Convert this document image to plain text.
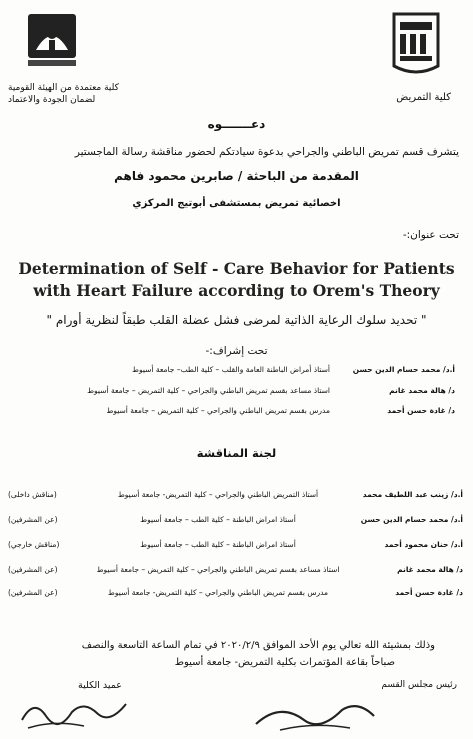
كلية معتمدة من الهيئة القومية لضمان الجودة والاعتماد	كلية التمريض
دعـــــــوه
يتشرف قسم تمريض الباطني والجراحي بدعوة سيادتكم لحضور مناقشة رسالة الماجستير
المقدمة من الباحثة / صابرين محمود فاهم
اخصائية تمريض بمستشفى أبوتيج المركزي
تحت عنوان:-
Determination of Self - Care Behavior for Patients
with Heart Failure according to Orem's Theory
" تحديد سلوك الرعاية الذاتية لمرضى فشل عضلة القلب طبقاً لنظرية أورام "
تحت إشراف:-
أ.د/ محمد حسام الدين حسن
أستاذ أمراض الباطنة العامة والقلب – كلية الطب– جامعة أسيوط
د/ هالة محمد غانم
استاذ مساعد بقسم تمريض الباطني والجراحي – كلية التمريض – جامعة أسيوط
د/ غادة حسن أحمد
مدرس بقسم تمريض الباطني والجراحي – كلية التمريض – جامعة أسيوط
لجنة المناقشة
أ.د/ زينب عبد اللطيف محمد
أستاذ التمريض الباطني والجراحي – كلية التمريض- جامعة أسيوط
(مناقش داخلى)
أ.د/ محمد حسام الدين حسن
أستاذ امراض الباطنة – كلية الطب – جامعة أسيوط
(عن المشرفين)
أ.د/ حنان محمود أحمد
أستاذ امراض الباطنة – كلية الطب – جامعة أسيوط
(مناقش خارجي)
د/ هالة محمد غانم
استاذ مساعد بقسم تمريض الباطني والجراحي – كلية التمريض – جامعة أسيوط
(عن المشرفين)
د/ غادة حسن أحمد
مدرس بقسم تمريض الباطني والجراحي – كلية التمريض- جامعة أسيوط
(عن المشرفين)
وذلك بمشيئة الله تعالي يوم الأحد الموافق ٢٠٢٠/٢/٩ في تمام الساعة التاسعة والنصف
صباحاً بقاعة المؤتمرات بكلية التمريض- جامعة أسيوط
رئيس مجلس القسم
عميد الكلية
